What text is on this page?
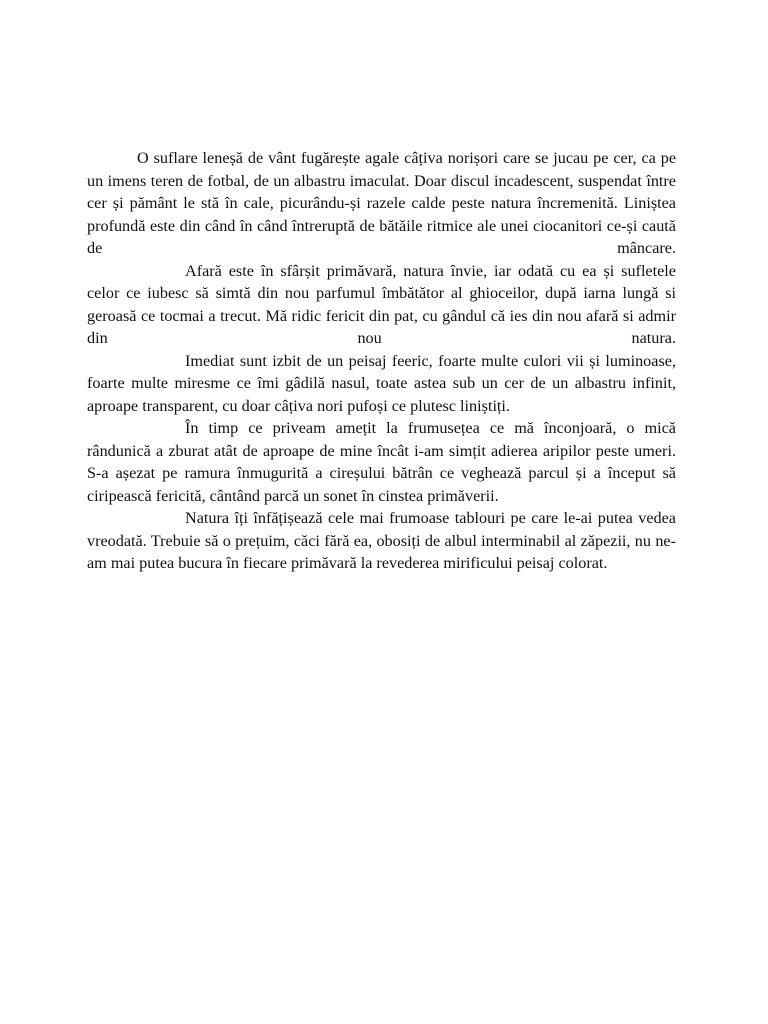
O suflare leneșă de vânt fugărește agale câțiva norișori care se jucau pe cer, ca pe un imens teren de fotbal, de un albastru imaculat. Doar discul incadescent, suspendat între cer și pământ le stă în cale, picurându-și razele calde peste natura încremenită. Liniștea profundă este din când în când întreruptă de bătăile ritmice ale unei ciocanitori ce-și caută de mâncare.

Afară este în sfârșit primăvară, natura învie, iar odată cu ea și sufletele celor ce iubesc să simtă din nou parfumul îmbătător al ghioceilor, după iarna lungă si geroasă ce tocmai a trecut. Mă ridic fericit din pat, cu gândul că ies din nou afară si admir din nou natura.

Imediat sunt izbit de un peisaj feeric, foarte multe culori vii și luminoase, foarte multe miresme ce îmi gâdilă nasul, toate astea sub un cer de un albastru infinit, aproape transparent, cu doar câțiva nori pufoși ce plutesc liniștiți.

În timp ce priveam amețit la frumusețea ce mă înconjoară, o mică rândunică a zburat atât de aproape de mine încât i-am simțit adierea aripilor peste umeri. S-a așezat pe ramura înmugurită a cireșului bătrân ce veghează parcul și a început să ciripească fericită, cântând parcă un sonet în cinstea primăverii.

Natura îți înfățișează cele mai frumoase tablouri pe care le-ai putea vedea vreodată. Trebuie să o prețuim, căci fără ea, obosiți de albul interminabil al zăpezii, nu ne-am mai putea bucura în fiecare primăvară la revederea mirificului peisaj colorat.
